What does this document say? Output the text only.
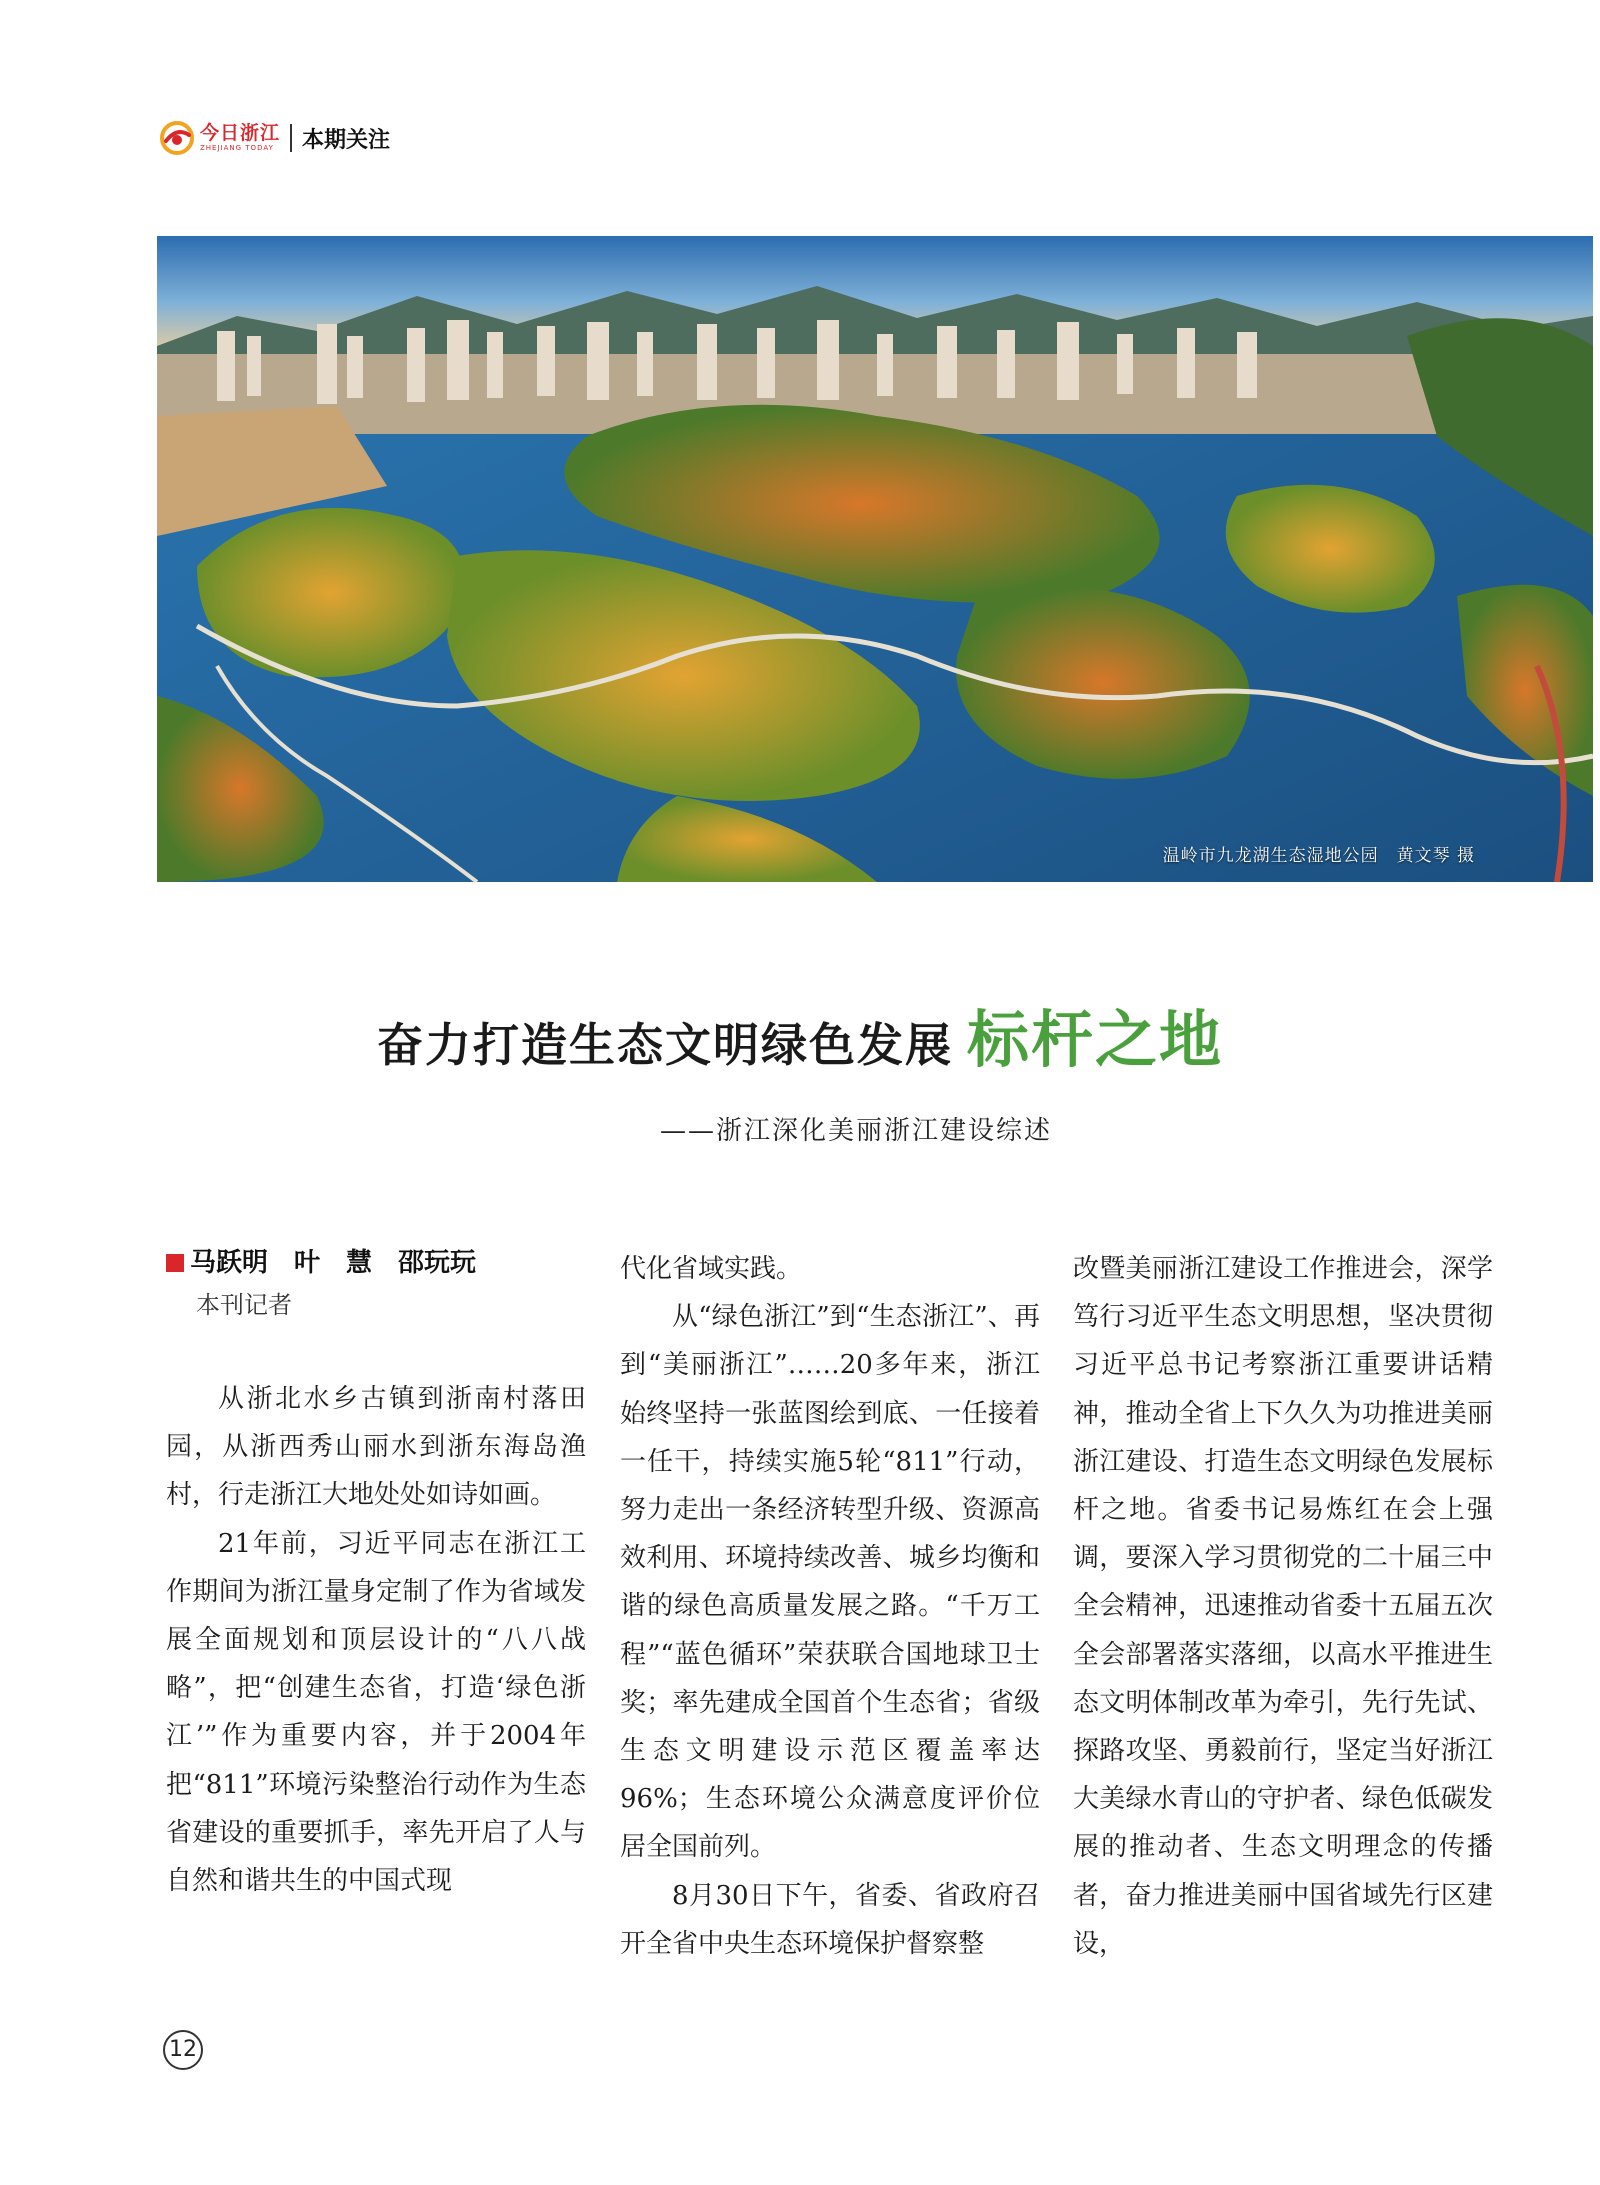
今日浙江
ZHEJIANG TODAY 本期关注
温岭市九龙湖生态湿地公园　黄文琴 摄
奋力打造生态文明绿色发展 标杆之地
——浙江深化美丽浙江建设综述
马跃明　叶　慧　邵玩玩
本刊记者

从浙北水乡古镇到浙南村落田园，从浙西秀山丽水到浙东海岛渔村，行走浙江大地处处如诗如画。

21年前，习近平同志在浙江工作期间为浙江量身定制了作为省域发展全面规划和顶层设计的“八八战略”，把“创建生态省，打造‘绿色浙江’”作为重要内容，并于2004年把“811”环境污染整治行动作为生态省建设的重要抓手，率先开启了人与自然和谐共生的中国式现

代化省域实践。

从“绿色浙江”到“生态浙江”、再到“美丽浙江”……20多年来，浙江始终坚持一张蓝图绘到底、一任接着一任干，持续实施5轮“811”行动，努力走出一条经济转型升级、资源高效利用、环境持续改善、城乡均衡和谐的绿色高质量发展之路。“千万工程”“蓝色循环”荣获联合国地球卫士奖；率先建成全国首个生态省；省级生态文明建设示范区覆盖率达96%；生态环境公众满意度评价位居全国前列。

8月30日下午，省委、省政府召开全省中央生态环境保护督察整

改暨美丽浙江建设工作推进会，深学笃行习近平生态文明思想，坚决贯彻习近平总书记考察浙江重要讲话精神，推动全省上下久久为功推进美丽浙江建设、打造生态文明绿色发展标杆之地。省委书记易炼红在会上强调，要深入学习贯彻党的二十届三中全会精神，迅速推动省委十五届五次全会部署落实落细，以高水平推进生态文明体制改革为牵引，先行先试、探路攻坚、勇毅前行，坚定当好浙江大美绿水青山的守护者、绿色低碳发展的推动者、生态文明理念的传播者，奋力推进美丽中国省域先行区建设，

12
